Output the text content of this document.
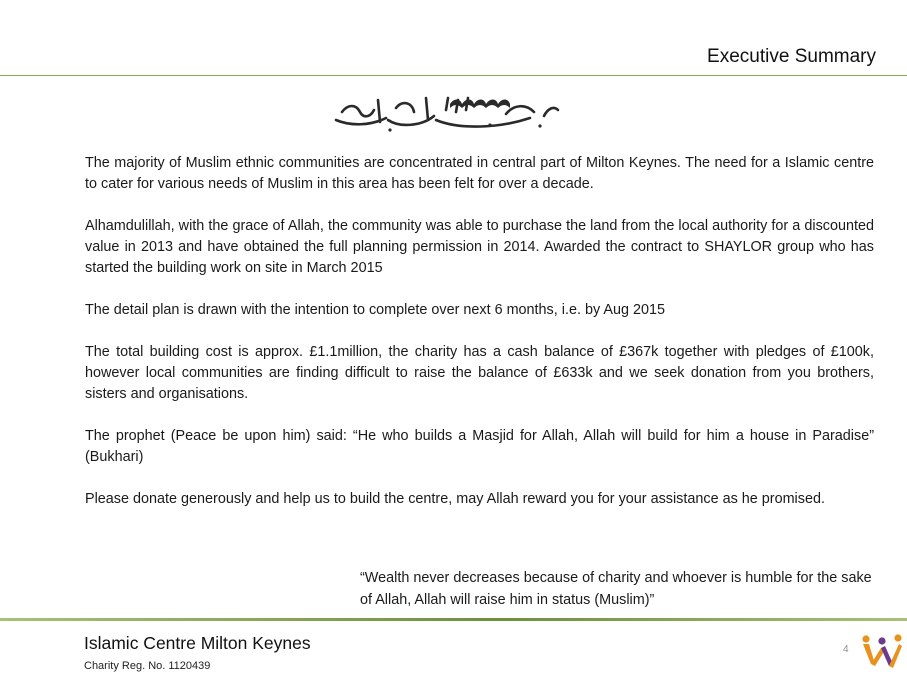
Executive Summary

The majority of Muslim ethnic communities are concentrated in central part of Milton Keynes. The need for a Islamic centre to cater for various needs of Muslim in this area has been felt for over a decade.

Alhamdulillah, with the grace of Allah, the community was able to purchase the land from the local authority for a discounted value in 2013 and have obtained the full planning permission in 2014. Awarded the contract to SHAYLOR group who has started the building work on site in March 2015

The detail plan is drawn with the intention to complete over next 6 months, i.e. by Aug 2015

The total building cost is approx. £1.1million, the charity has a cash balance of £367k together with pledges of £100k, however local communities are finding difficult to raise the balance of £633k and we seek donation from you brothers, sisters and organisations.

The prophet (Peace be upon him) said: “He who builds a Masjid for Allah, Allah will build for him a house in Paradise” (Bukhari)

Please donate generously and help us to build the centre, may Allah reward you for your assistance as he promised.

“Wealth never decreases because of charity and whoever is humble for the sake of Allah, Allah will raise him in status (Muslim)”
Islamic Centre Milton Keynes
Charity Reg. No. 1120439
4
